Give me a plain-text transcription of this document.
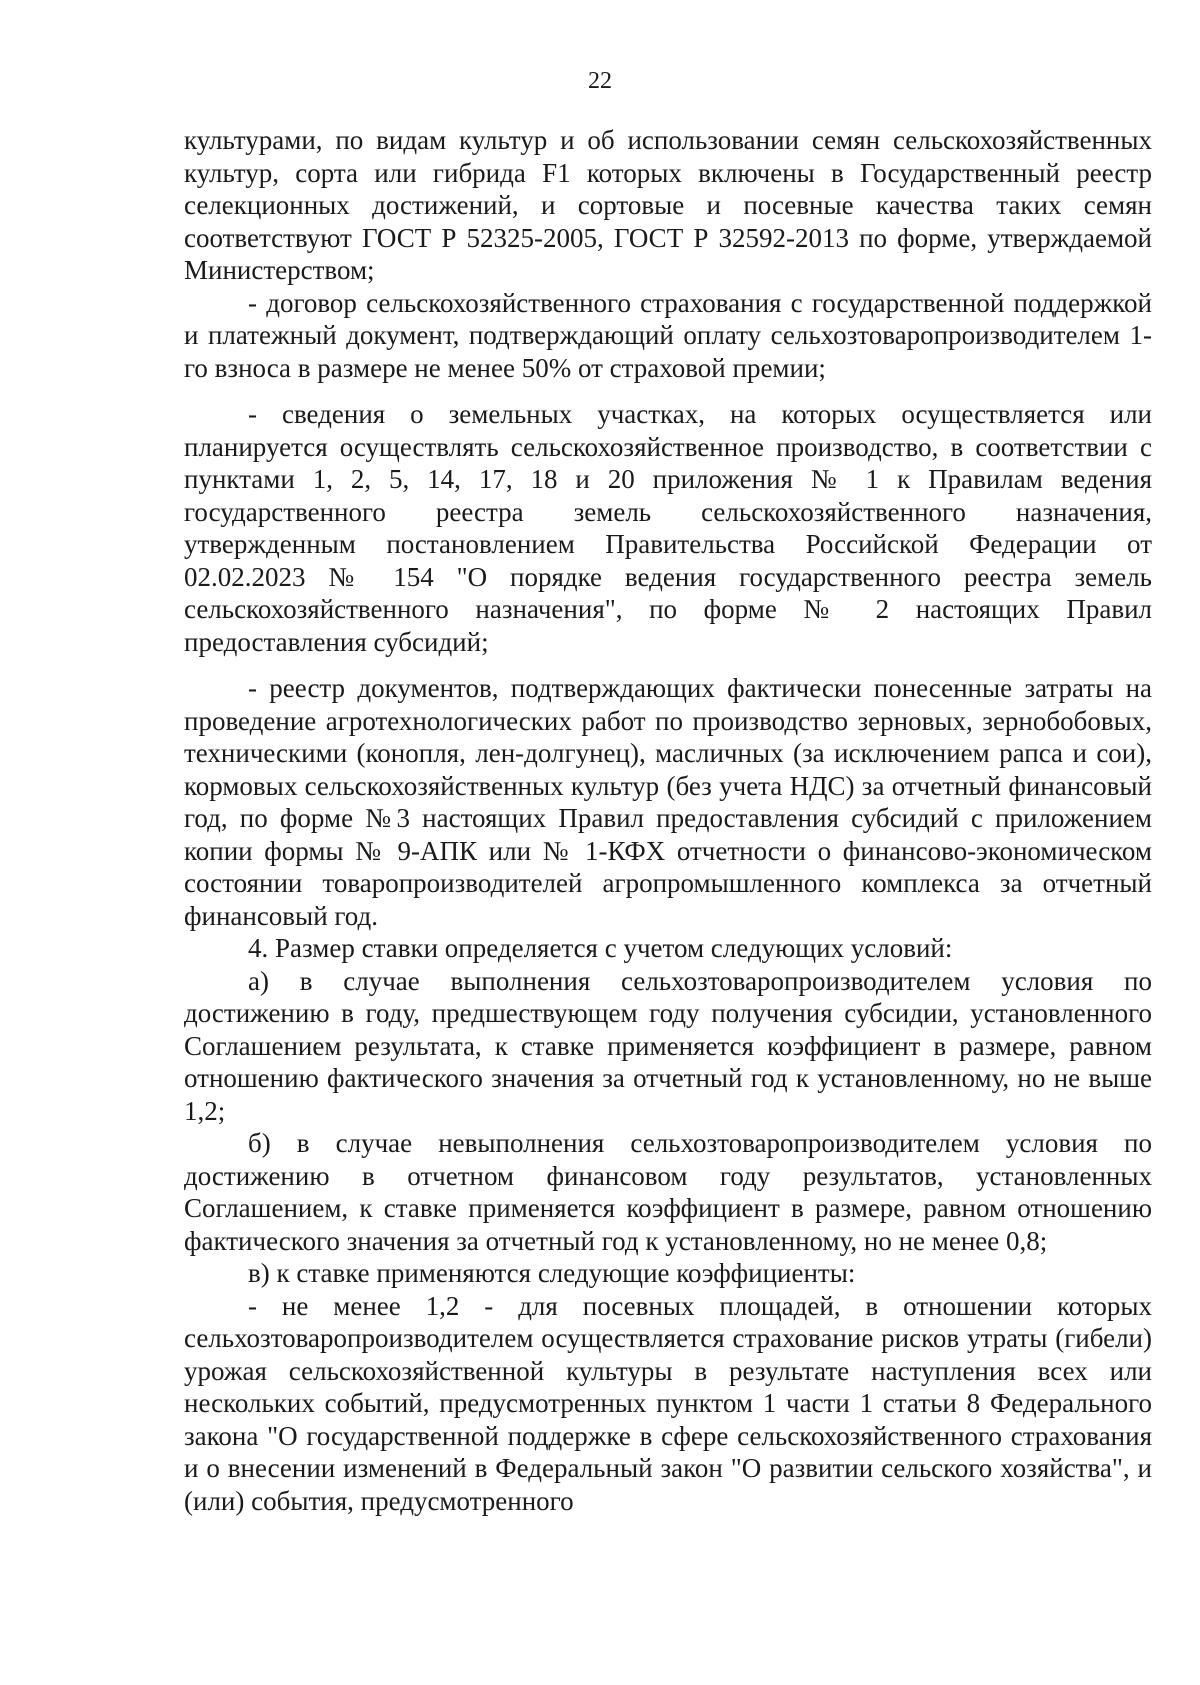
22

культурами, по видам культур и об использовании семян сельскохозяйственных культур, сорта или гибрида F1 которых включены в Государственный реестр селекционных достижений, и сортовые и посевные качества таких семян соответствуют ГОСТ Р 52325-2005, ГОСТ Р 32592-2013 по форме, утверждаемой Министерством;

- договор сельскохозяйственного страхования с государственной поддержкой и платежный документ, подтверждающий оплату сельхозтоваропроизводителем 1-го взноса в размере не менее 50% от страховой премии;

- сведения о земельных участках, на которых осуществляется или планируется осуществлять сельскохозяйственное производство, в соответствии с пунктами 1, 2, 5, 14, 17, 18 и 20 приложения № 1 к Правилам ведения государственного реестра земель сельскохозяйственного назначения, утвержденным постановлением Правительства Российской Федерации от 02.02.2023 № 154 "О порядке ведения государственного реестра земель сельскохозяйственного назначения", по форме № 2 настоящих Правил предоставления субсидий;

- реестр документов, подтверждающих фактически понесенные затраты на проведение агротехнологических работ по производство зерновых, зернобобовых, техническими (конопля, лен-долгунец), масличных (за исключением рапса и сои), кормовых сельскохозяйственных культур (без учета НДС) за отчетный финансовый год, по форме №3 настоящих Правил предоставления субсидий с приложением копии формы № 9-АПК или № 1-КФХ отчетности о финансово-экономическом состоянии товаропроизводителей агропромышленного комплекса за отчетный финансовый год.

4. Размер ставки определяется с учетом следующих условий:

а) в случае выполнения сельхозтоваропроизводителем условия по достижению в году, предшествующем году получения субсидии, установленного Соглашением результата, к ставке применяется коэффициент в размере, равном отношению фактического значения за отчетный год к установленному, но не выше 1,2;

б) в случае невыполнения сельхозтоваропроизводителем условия по достижению в отчетном финансовом году результатов, установленных Соглашением, к ставке применяется коэффициент в размере, равном отношению фактического значения за отчетный год к установленному, но не менее 0,8;

в) к ставке применяются следующие коэффициенты:

- не менее 1,2 - для посевных площадей, в отношении которых сельхозтоваропроизводителем осуществляется страхование рисков утраты (гибели) урожая сельскохозяйственной культуры в результате наступления всех или нескольких событий, предусмотренных пунктом 1 части 1 статьи 8 Федерального закона "О государственной поддержке в сфере сельскохозяйственного страхования и о внесении изменений в Федеральный закон "О развитии сельского хозяйства", и (или) события, предусмотренного
